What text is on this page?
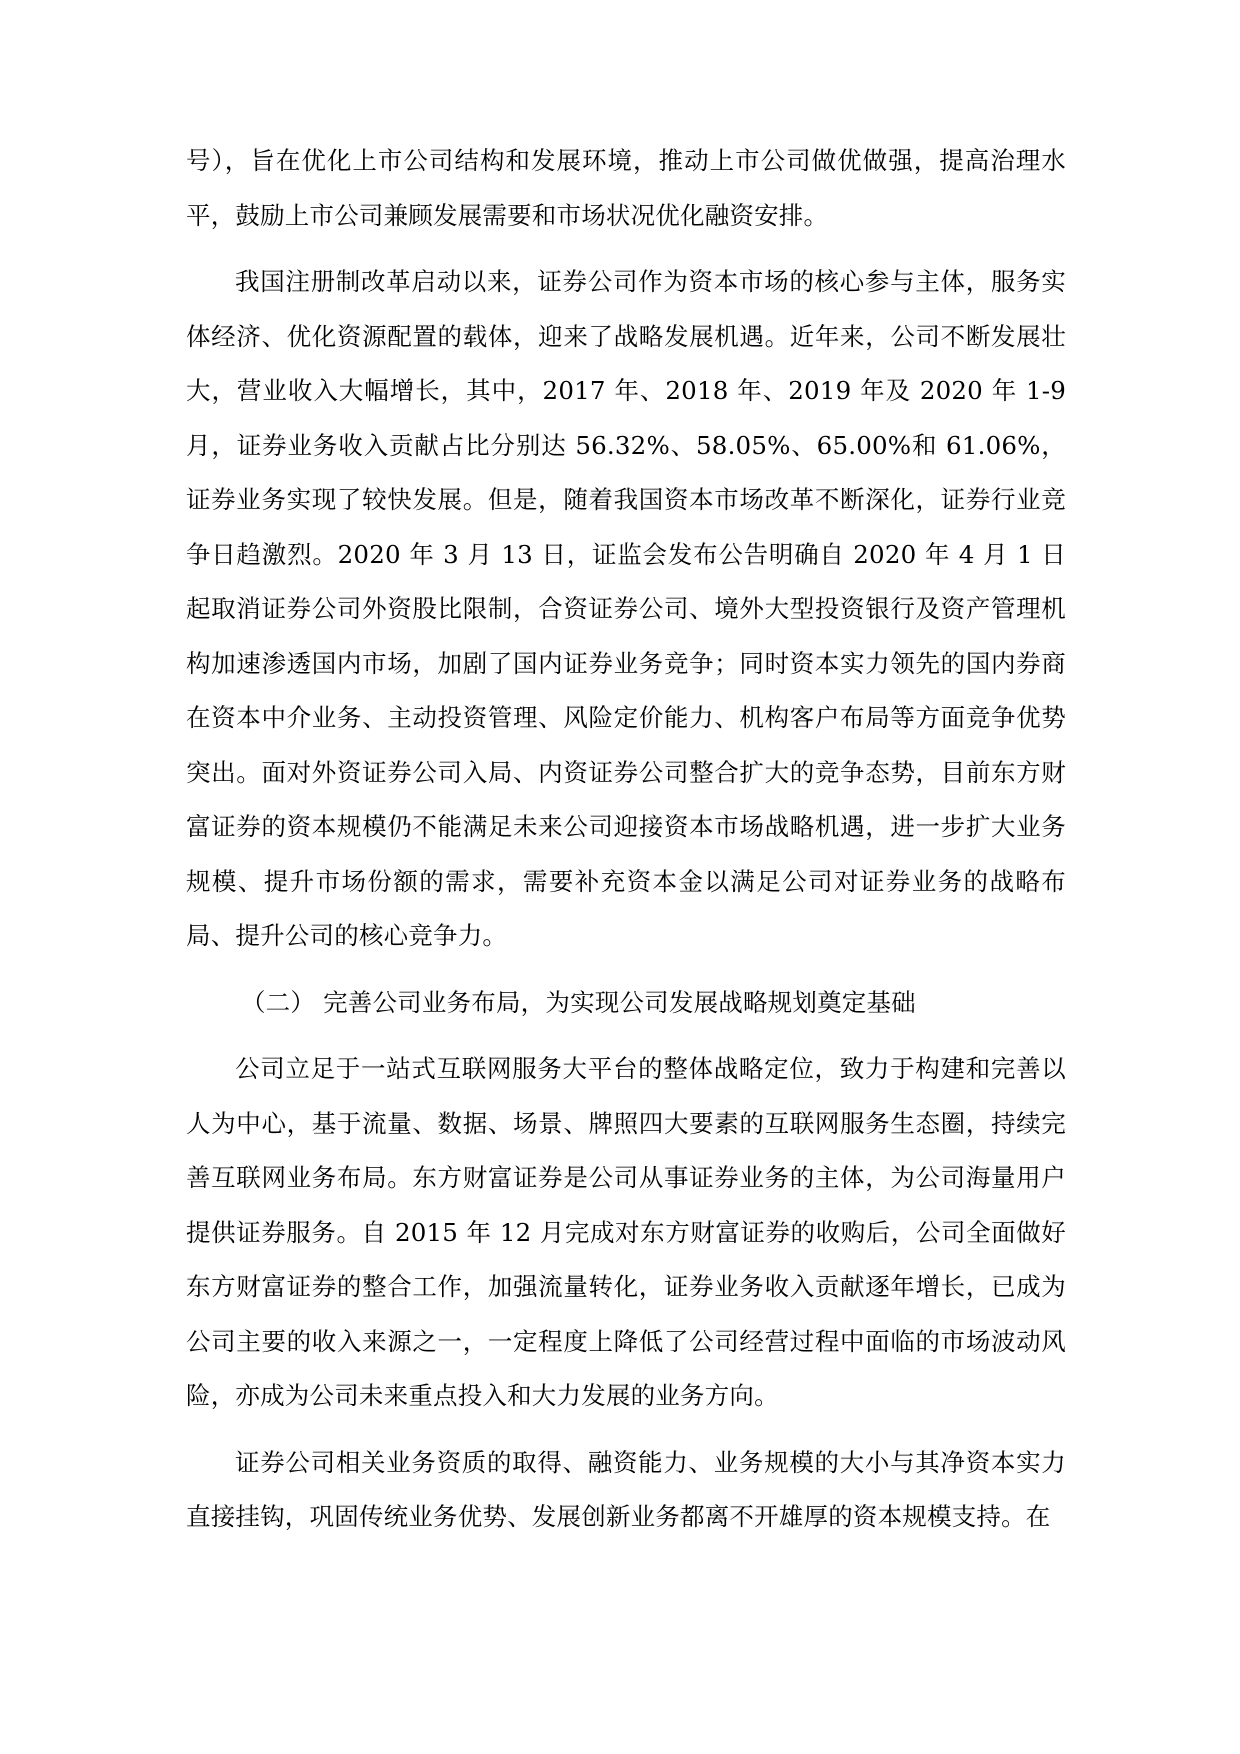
号），旨在优化上市公司结构和发展环境，推动上市公司做优做强，提高治理水平，鼓励上市公司兼顾发展需要和市场状况优化融资安排。

我国注册制改革启动以来，证券公司作为资本市场的核心参与主体，服务实体经济、优化资源配置的载体，迎来了战略发展机遇。近年来，公司不断发展壮大，营业收入大幅增长，其中，2017 年、2018 年、2019 年及 2020 年 1-9 月，证券业务收入贡献占比分别达 56.32%、58.05%、65.00%和 61.06%，证券业务实现了较快发展。但是，随着我国资本市场改革不断深化，证券行业竞争日趋激烈。2020 年 3 月 13 日，证监会发布公告明确自 2020 年 4 月 1 日起取消证券公司外资股比限制，合资证券公司、境外大型投资银行及资产管理机构加速渗透国内市场，加剧了国内证券业务竞争；同时资本实力领先的国内券商在资本中介业务、主动投资管理、风险定价能力、机构客户布局等方面竞争优势突出。面对外资证券公司入局、内资证券公司整合扩大的竞争态势，目前东方财富证券的资本规模仍不能满足未来公司迎接资本市场战略机遇，进一步扩大业务规模、提升市场份额的需求，需要补充资本金以满足公司对证券业务的战略布局、提升公司的核心竞争力。

（二） 完善公司业务布局，为实现公司发展战略规划奠定基础

公司立足于一站式互联网服务大平台的整体战略定位，致力于构建和完善以人为中心，基于流量、数据、场景、牌照四大要素的互联网服务生态圈，持续完善互联网业务布局。东方财富证券是公司从事证券业务的主体，为公司海量用户提供证券服务。自 2015 年 12 月完成对东方财富证券的收购后，公司全面做好东方财富证券的整合工作，加强流量转化，证券业务收入贡献逐年增长，已成为公司主要的收入来源之一，一定程度上降低了公司经营过程中面临的市场波动风险，亦成为公司未来重点投入和大力发展的业务方向。

证券公司相关业务资质的取得、融资能力、业务规模的大小与其净资本实力直接挂钩，巩固传统业务优势、发展创新业务都离不开雄厚的资本规模支持。在
